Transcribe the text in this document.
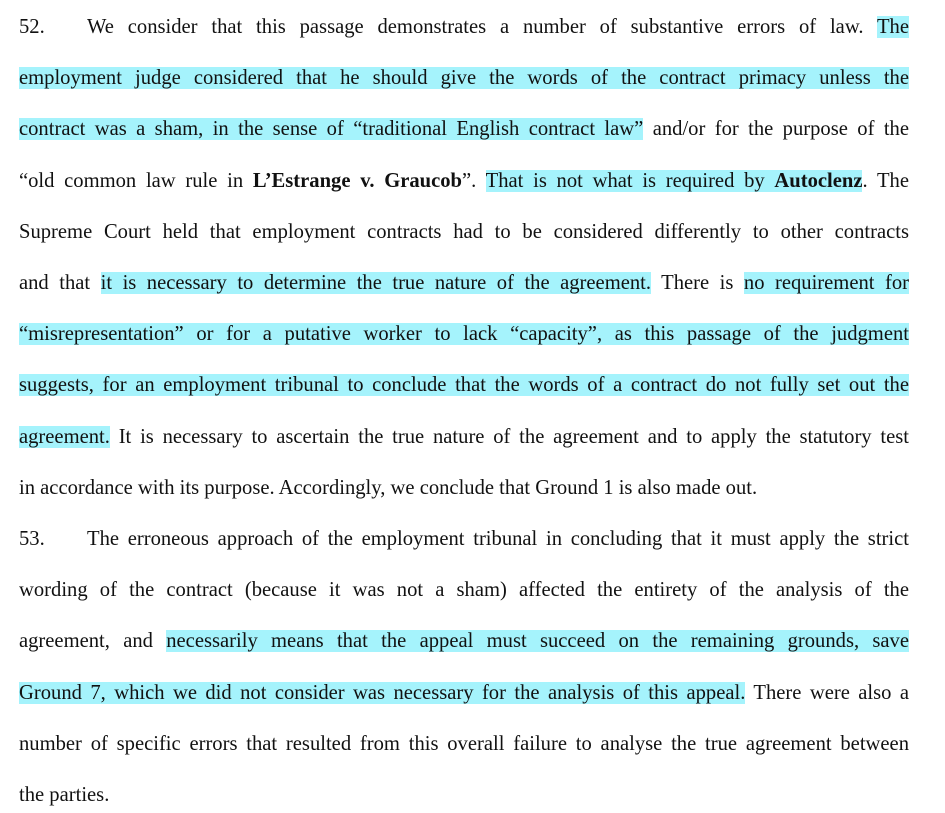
52. We consider that this passage demonstrates a number of substantive errors of law. The
employment judge considered that he should give the words of the contract primacy unless the
contract was a sham, in the sense of “traditional English contract law” and/or for the purpose of the
“old common law rule in L’Estrange v. Graucob”. That is not what is required by Autoclenz. The
Supreme Court held that employment contracts had to be considered differently to other contracts
and that it is necessary to determine the true nature of the agreement. There is no requirement for
“misrepresentation” or for a putative worker to lack “capacity”, as this passage of the judgment
suggests, for an employment tribunal to conclude that the words of a contract do not fully set out the
agreement. It is necessary to ascertain the true nature of the agreement and to apply the statutory test
in accordance with its purpose. Accordingly, we conclude that Ground 1 is also made out.
53. The erroneous approach of the employment tribunal in concluding that it must apply the strict
wording of the contract (because it was not a sham) affected the entirety of the analysis of the
agreement, and necessarily means that the appeal must succeed on the remaining grounds, save
Ground 7, which we did not consider was necessary for the analysis of this appeal. There were also a
number of specific errors that resulted from this overall failure to analyse the true agreement between
the parties.
